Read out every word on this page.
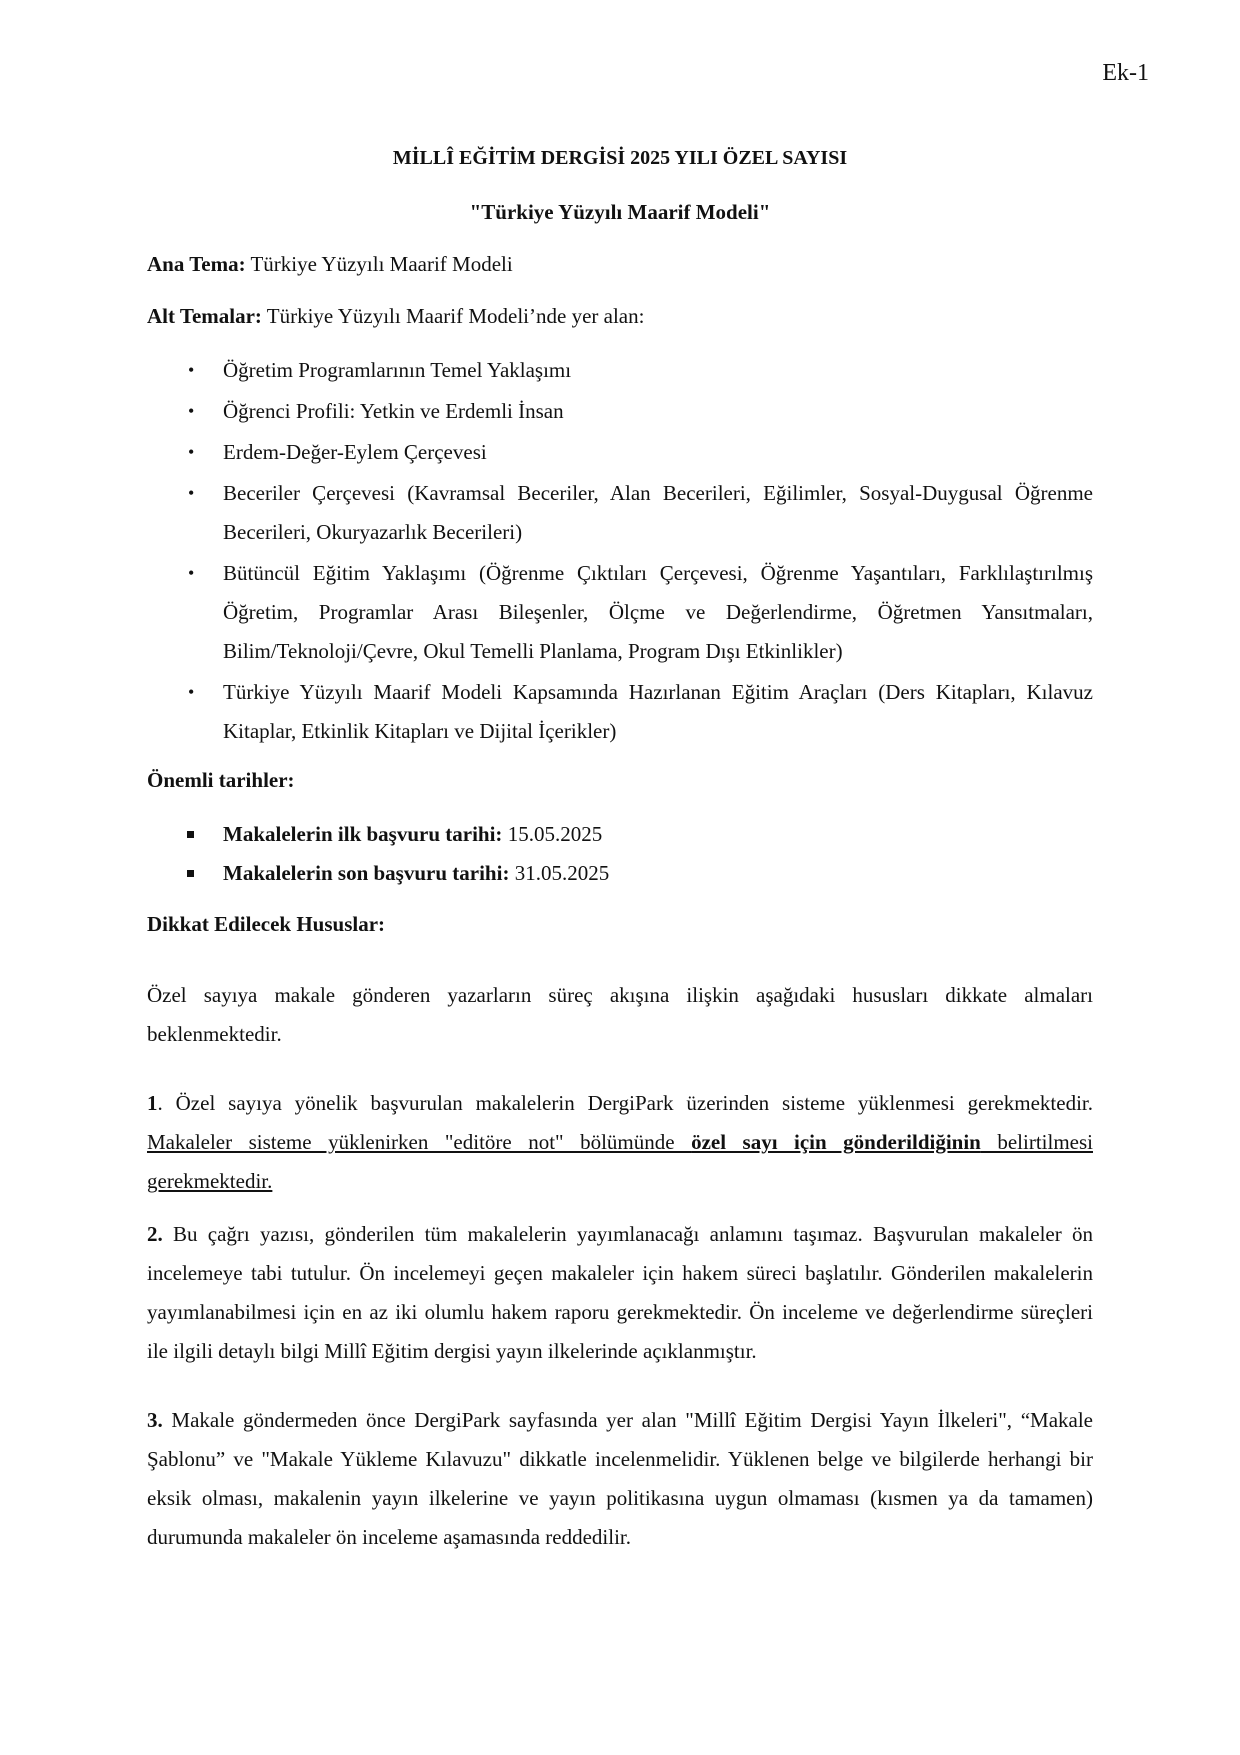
Ek-1
MİLLÎ EĞİTİM DERGİSİ 2025 YILI ÖZEL SAYISI
"Türkiye Yüzyılı Maarif Modeli"

Ana Tema: Türkiye Yüzyılı Maarif Modeli

Alt Temalar: Türkiye Yüzyılı Maarif Modeli’nde yer alan:

• Öğretim Programlarının Temel Yaklaşımı
• Öğrenci Profili: Yetkin ve Erdemli İnsan
• Erdem-Değer-Eylem Çerçevesi
• Beceriler Çerçevesi (Kavramsal Beceriler, Alan Becerileri, Eğilimler, Sosyal-Duygusal Öğrenme Becerileri, Okuryazarlık Becerileri)
• Bütüncül Eğitim Yaklaşımı (Öğrenme Çıktıları Çerçevesi, Öğrenme Yaşantıları, Farklılaştırılmış Öğretim, Programlar Arası Bileşenler, Ölçme ve Değerlendirme, Öğretmen Yansıtmaları, Bilim/Teknoloji/Çevre, Okul Temelli Planlama, Program Dışı Etkinlikler)
• Türkiye Yüzyılı Maarif Modeli Kapsamında Hazırlanan Eğitim Araçları (Ders Kitapları, Kılavuz Kitaplar, Etkinlik Kitapları ve Dijital İçerikler)

Önemli tarihler:

Makalelerin ilk başvuru tarihi: 15.05.2025
Makalelerin son başvuru tarihi: 31.05.2025

Dikkat Edilecek Hususlar:

Özel sayıya makale gönderen yazarların süreç akışına ilişkin aşağıdaki hususları dikkate almaları beklenmektedir.

1. Özel sayıya yönelik başvurulan makalelerin DergiPark üzerinden sisteme yüklenmesi gerekmektedir. Makaleler sisteme yüklenirken "editöre not" bölümünde özel sayı için gönderildiğinin belirtilmesi gerekmektedir.

2. Bu çağrı yazısı, gönderilen tüm makalelerin yayımlanacağı anlamını taşımaz. Başvurulan makaleler ön incelemeye tabi tutulur. Ön incelemeyi geçen makaleler için hakem süreci başlatılır. Gönderilen makalelerin yayımlanabilmesi için en az iki olumlu hakem raporu gerekmektedir. Ön inceleme ve değerlendirme süreçleri ile ilgili detaylı bilgi Millî Eğitim dergisi yayın ilkelerinde açıklanmıştır.

3. Makale göndermeden önce DergiPark sayfasında yer alan "Millî Eğitim Dergisi Yayın İlkeleri", “Makale Şablonu” ve "Makale Yükleme Kılavuzu" dikkatle incelenmelidir. Yüklenen belge ve bilgilerde herhangi bir eksik olması, makalenin yayın ilkelerine ve yayın politikasına uygun olmaması (kısmen ya da tamamen) durumunda makaleler ön inceleme aşamasında reddedilir.
